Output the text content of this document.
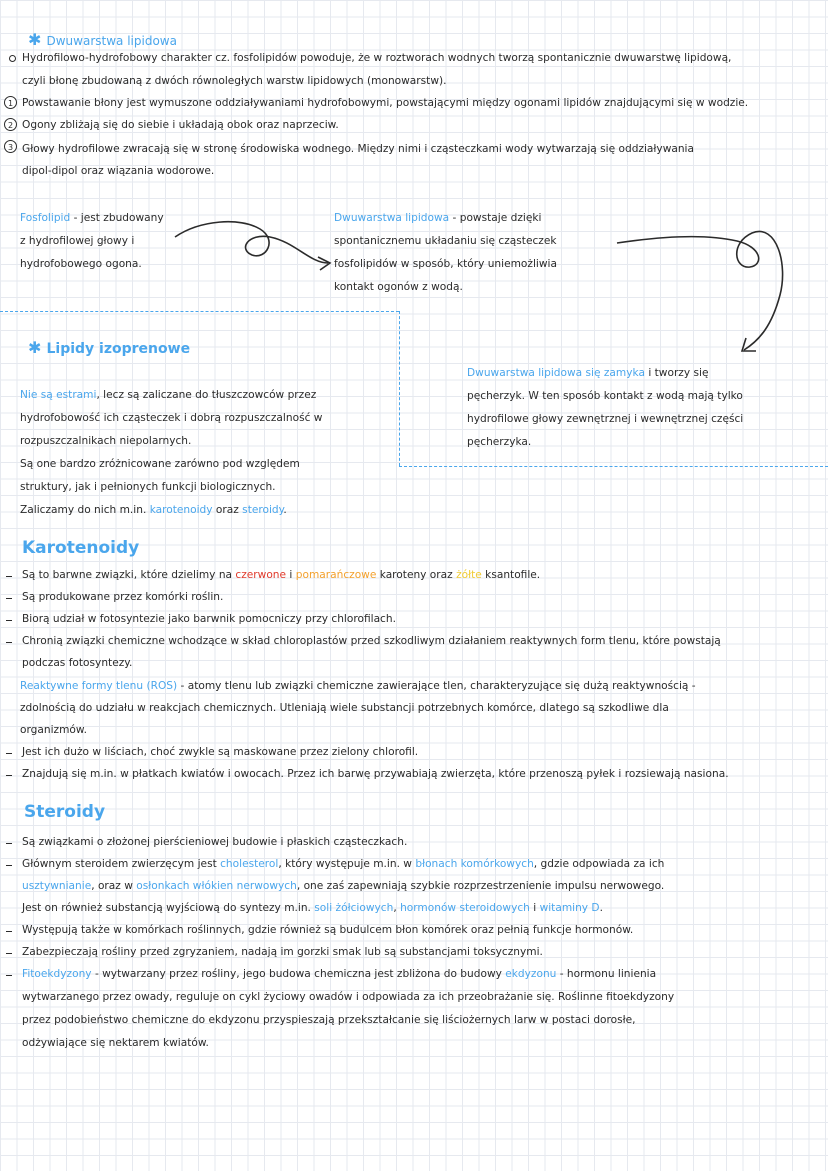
✱ Dwuwarstwa lipidowa
Hydrofilowo-hydrofobowy charakter cz. fosfolipidów powoduje, że w roztworach wodnych tworzą spontanicznie dwuwarstwę lipidową,
czyli błonę zbudowaną z dwóch równoległych warstw lipidowych (monowarstw).
1 Powstawanie błony jest wymuszone oddziaływaniami hydrofobowymi, powstającymi między ogonami lipidów znajdującymi się w wodzie.
2 Ogony zbliżają się do siebie i układają obok oraz naprzeciw.
3 Głowy hydrofilowe zwracają się w stronę środowiska wodnego. Między nimi i cząsteczkami wody wytwarzają się oddziaływania
dipol-dipol oraz wiązania wodorowe.
Fosfolipid - jest zbudowany
z hydrofilowej głowy i
hydrofobowego ogona.
Dwuwarstwa lipidowa - powstaje dzięki
spontanicznemu układaniu się cząsteczek
fosfolipidów w sposób, który uniemożliwia
kontakt ogonów z wodą.
Dwuwarstwa lipidowa się zamyka i tworzy się
pęcherzyk. W ten sposób kontakt z wodą mają tylko
hydrofilowe głowy zewnętrznej i wewnętrznej części
pęcherzyka.
✱ Lipidy izoprenowe
Nie są estrami, lecz są zaliczane do tłuszczowców przez
hydrofobowość ich cząsteczek i dobrą rozpuszczalność w
rozpuszczalnikach niepolarnych.
Są one bardzo zróżnicowane zarówno pod względem
struktury, jak i pełnionych funkcji biologicznych.
Zaliczamy do nich m.in. karotenoidy oraz steroidy.
Karotenoidy
Są to barwne związki, które dzielimy na czerwone i pomarańczowe karoteny oraz żółte ksantofile.
Są produkowane przez komórki roślin.
Biorą udział w fotosyntezie jako barwnik pomocniczy przy chlorofilach.
Chronią związki chemiczne wchodzące w skład chloroplastów przed szkodliwym działaniem reaktywnych form tlenu, które powstają
podczas fotosyntezy.
Reaktywne formy tlenu (ROS) - atomy tlenu lub związki chemiczne zawierające tlen, charakteryzujące się dużą reaktywnością -
zdolnością do udziału w reakcjach chemicznych. Utleniają wiele substancji potrzebnych komórce, dlatego są szkodliwe dla
organizmów.
Jest ich dużo w liściach, choć zwykle są maskowane przez zielony chlorofil.
Znajdują się m.in. w płatkach kwiatów i owocach. Przez ich barwę przywabiają zwierzęta, które przenoszą pyłek i rozsiewają nasiona.
Steroidy
Są związkami o złożonej pierścieniowej budowie i płaskich cząsteczkach.
Głównym steroidem zwierzęcym jest cholesterol, który występuje m.in. w błonach komórkowych, gdzie odpowiada za ich
usztywnianie, oraz w osłonkach włókien nerwowych, one zaś zapewniają szybkie rozprzestrzenienie impulsu nerwowego.
Jest on również substancją wyjściową do syntezy m.in. soli żółciowych, hormonów steroidowych i witaminy D.
Występują także w komórkach roślinnych, gdzie również są budulcem błon komórek oraz pełnią funkcje hormonów.
Zabezpieczają rośliny przed zgryzaniem, nadają im gorzki smak lub są substancjami toksycznymi.
Fitoekdyzony - wytwarzany przez rośliny, jego budowa chemiczna jest zbliżona do budowy ekdyzonu - hormonu linienia
wytwarzanego przez owady, reguluje on cykl życiowy owadów i odpowiada za ich przeobrażanie się. Roślinne fitoekdyzony
przez podobieństwo chemiczne do ekdyzonu przyspieszają przekształcanie się liściożernych larw w postaci dorosłe,
odżywiające się nektarem kwiatów.
